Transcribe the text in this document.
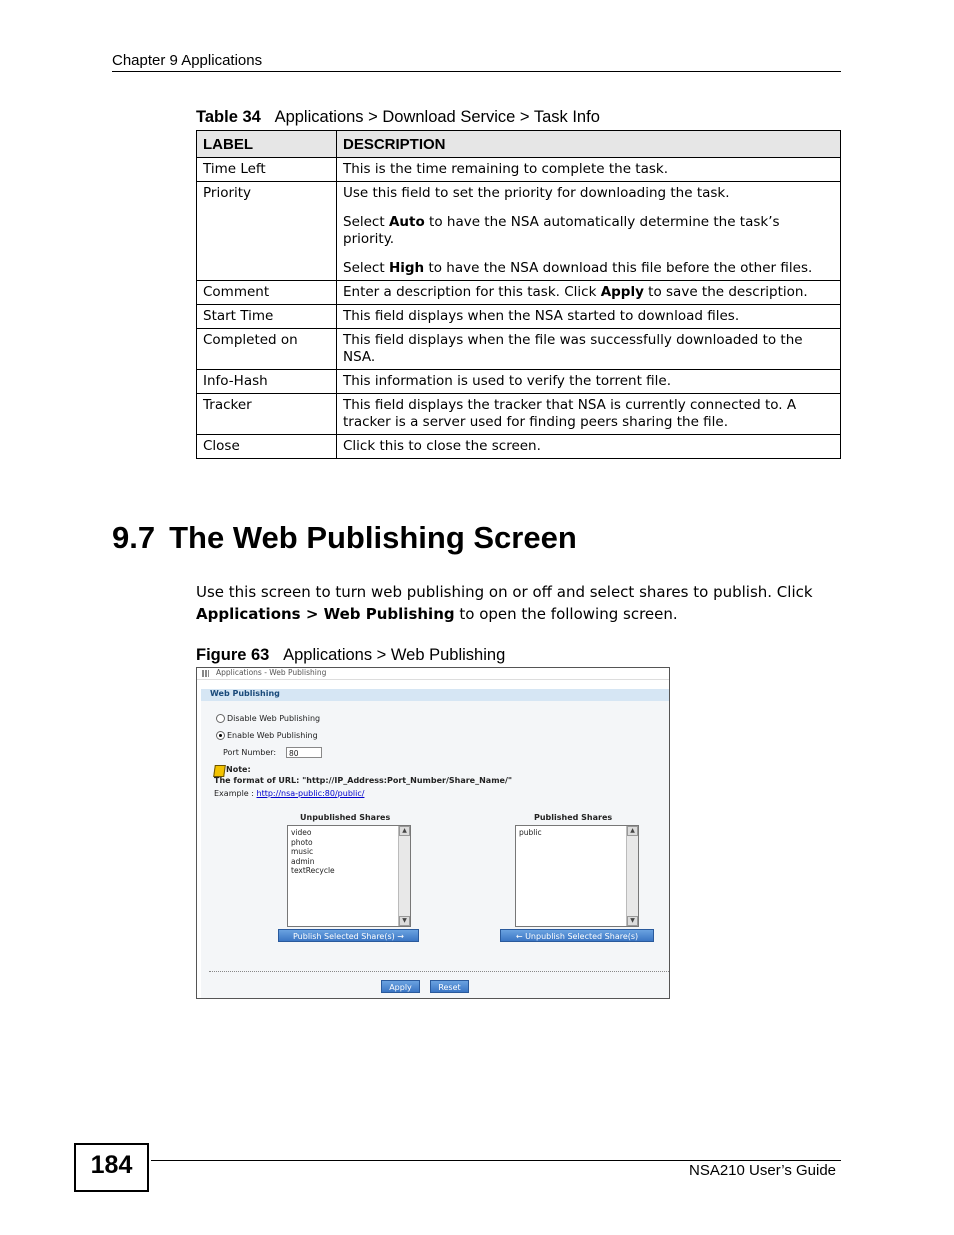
Chapter 9 Applications
Table 34 Applications > Download Service > Task Info
LABEL	DESCRIPTION
Time Left	This is the time remaining to complete the task.
Priority	Use this field to set the priority for downloading the task.

Select Auto to have the NSA automatically determine the task’s priority.

Select High to have the NSA download this file before the other files.

Comment	Enter a description for this task. Click Apply to save the description.
Start Time	This field displays when the NSA started to download files.
Completed on	This field displays when the file was successfully downloaded to the NSA.
Info-Hash	This information is used to verify the torrent file.
Tracker	This field displays the tracker that NSA is currently connected to. A tracker is a server used for finding peers sharing the file.
Close	Click this to close the screen.
9.7 The Web Publishing Screen
Use this screen to turn web publishing on or off and select shares to publish. Click Applications > Web Publishing to open the following screen.
Figure 63 Applications > Web Publishing
Applications - Web Publishing
Web Publishing
Disable Web Publishing
Enable Web Publishing
Port Number:	80
Note:
The format of URL: "http://IP_Address:Port_Number/Share_Name/"
Example : http://nsa-public:80/public/
Unpublished Shares
video
photo
music
admin
textRecycle
▲
▼
Published Shares
public	▲
▼
Publish Selected Share(s) →	← Unpublish Selected Share(s)
Apply	Reset
184	NSA210 User’s Guide
